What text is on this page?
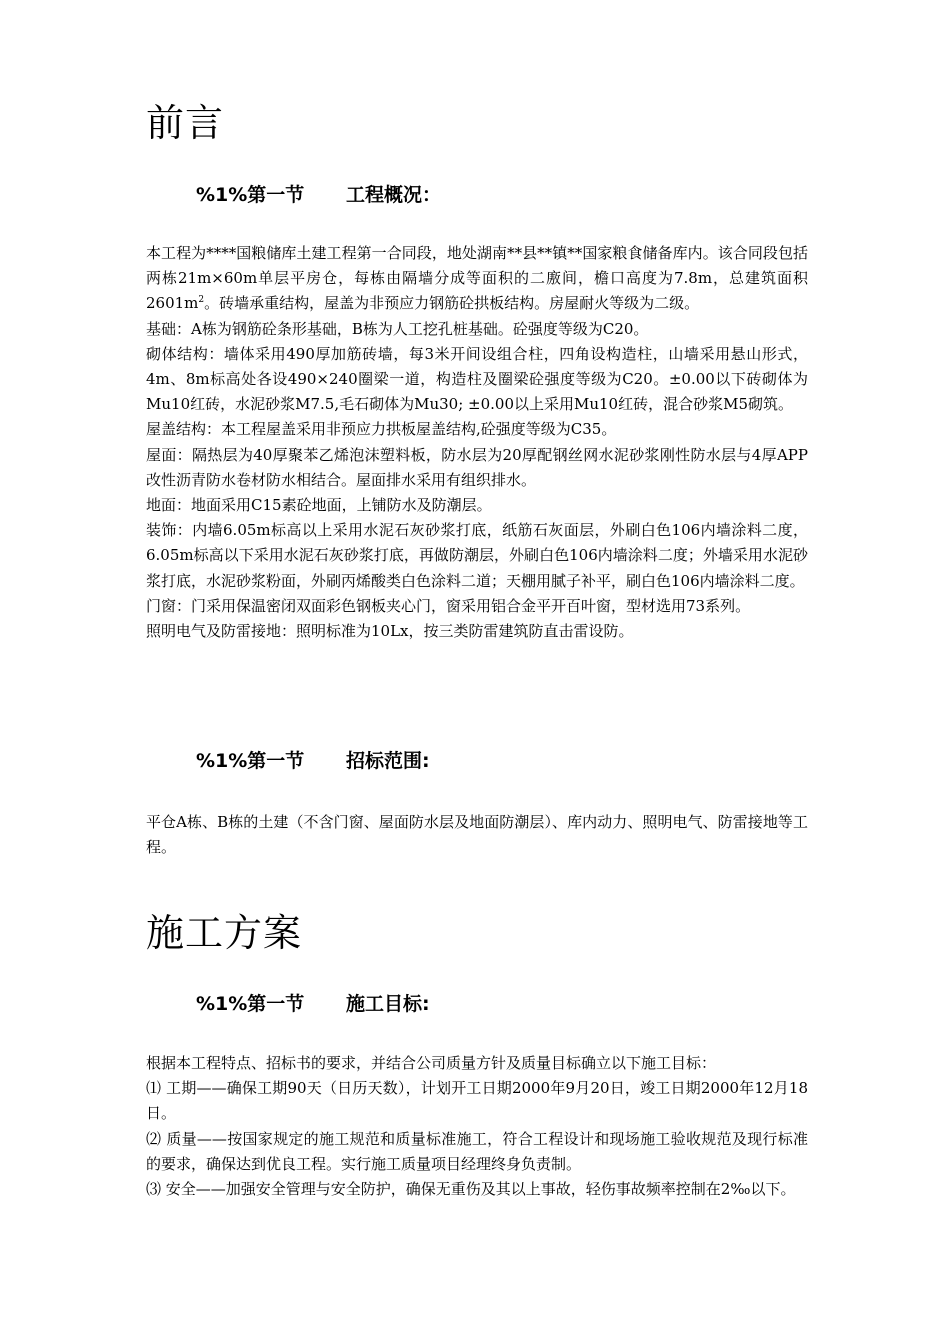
前言
%1%第一节 工程概况：

本工程为****国粮储库土建工程第一合同段，地处湖南**县**镇**国家粮食储备库内。该合同段包括两栋21m×60m单层平房仓，每栋由隔墙分成等面积的二廒间，檐口高度为7.8m，总建筑面积$2601m^2$。砖墙承重结构，屋盖为非预应力钢筋砼拱板结构。房屋耐火等级为二级。

基础：A栋为钢筋砼条形基础，B栋为人工挖孔桩基础。砼强度等级为C20。

砌体结构：墙体采用490厚加筋砖墙，每3米开间设组合柱，四角设构造柱，山墙采用悬山形式，4m、8m标高处各设490×240圈梁一道，构造柱及圈梁砼强度等级为C20。±0.00以下砖砌体为Mu10红砖，水泥砂浆M7.5,毛石砌体为Mu30; ±0.00以上采用Mu10红砖，混合砂浆M5砌筑。

屋盖结构：本工程屋盖采用非预应力拱板屋盖结构,砼强度等级为C35。

屋面：隔热层为40厚聚苯乙烯泡沫塑料板，防水层为20厚配钢丝网水泥砂浆刚性防水层与4厚APP改性沥青防水卷材防水相结合。屋面排水采用有组织排水。

地面：地面采用C15素砼地面，上铺防水及防潮层。

装饰：内墙6.05m标高以上采用水泥石灰砂浆打底，纸筋石灰面层，外刷白色106内墙涂料二度，6.05m标高以下采用水泥石灰砂浆打底，再做防潮层，外刷白色106内墙涂料二度；外墙采用水泥砂浆打底，水泥砂浆粉面，外刷丙烯酸类白色涂料二道；天棚用腻子补平，刷白色106内墙涂料二度。

门窗：门采用保温密闭双面彩色钢板夹心门，窗采用铝合金平开百叶窗，型材选用73系列。

照明电气及防雷接地：照明标准为10Lx，按三类防雷建筑防直击雷设防。

%1%第一节 招标范围:

平仓A栋、B栋的土建（不含门窗、屋面防水层及地面防潮层）、库内动力、照明电气、防雷接地等工程。

施工方案
%1%第一节 施工目标:

根据本工程特点、招标书的要求，并结合公司质量方针及质量目标确立以下施工目标：

⑴ 工期——确保工期90天（日历天数），计划开工日期2000年9月20日，竣工日期2000年12月18日。

⑵ 质量——按国家规定的施工规范和质量标准施工，符合工程设计和现场施工验收规范及现行标准的要求，确保达到优良工程。实行施工质量项目经理终身负责制。

⑶ 安全——加强安全管理与安全防护，确保无重伤及其以上事故，轻伤事故频率控制在2‰以下。
